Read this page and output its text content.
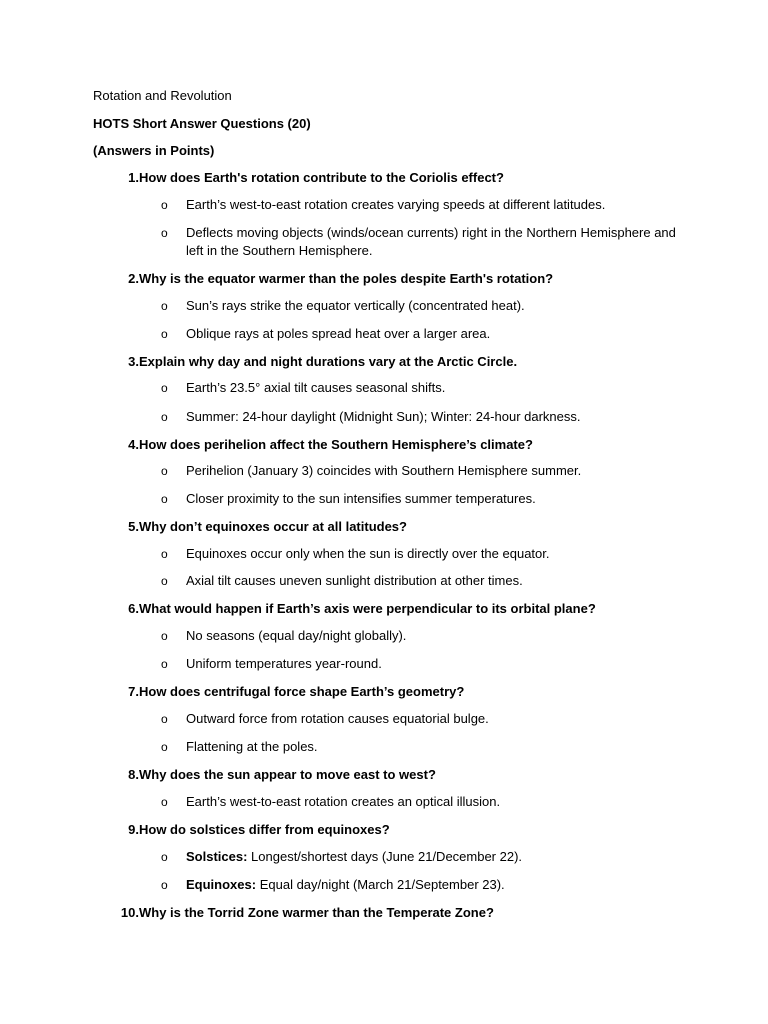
Rotation and Revolution
HOTS Short Answer Questions (20)
(Answers in Points)
1. How does Earth's rotation contribute to the Coriolis effect?
o Earth’s west-to-east rotation creates varying speeds at different latitudes.
o Deflects moving objects (winds/ocean currents) right in the Northern Hemisphere and left in the Southern Hemisphere.
2. Why is the equator warmer than the poles despite Earth's rotation?
o Sun’s rays strike the equator vertically (concentrated heat).
o Oblique rays at poles spread heat over a larger area.
3. Explain why day and night durations vary at the Arctic Circle.
o Earth’s 23.5° axial tilt causes seasonal shifts.
o Summer: 24-hour daylight (Midnight Sun); Winter: 24-hour darkness.
4. How does perihelion affect the Southern Hemisphere’s climate?
o Perihelion (January 3) coincides with Southern Hemisphere summer.
o Closer proximity to the sun intensifies summer temperatures.
5. Why don’t equinoxes occur at all latitudes?
o Equinoxes occur only when the sun is directly over the equator.
o Axial tilt causes uneven sunlight distribution at other times.
6. What would happen if Earth’s axis were perpendicular to its orbital plane?
o No seasons (equal day/night globally).
o Uniform temperatures year-round.
7. How does centrifugal force shape Earth’s geometry?
o Outward force from rotation causes equatorial bulge.
o Flattening at the poles.
8. Why does the sun appear to move east to west?
o Earth’s west-to-east rotation creates an optical illusion.
9. How do solstices differ from equinoxes?
o Solstices: Longest/shortest days (June 21/December 22).
o Equinoxes: Equal day/night (March 21/September 23).
10. Why is the Torrid Zone warmer than the Temperate Zone?
